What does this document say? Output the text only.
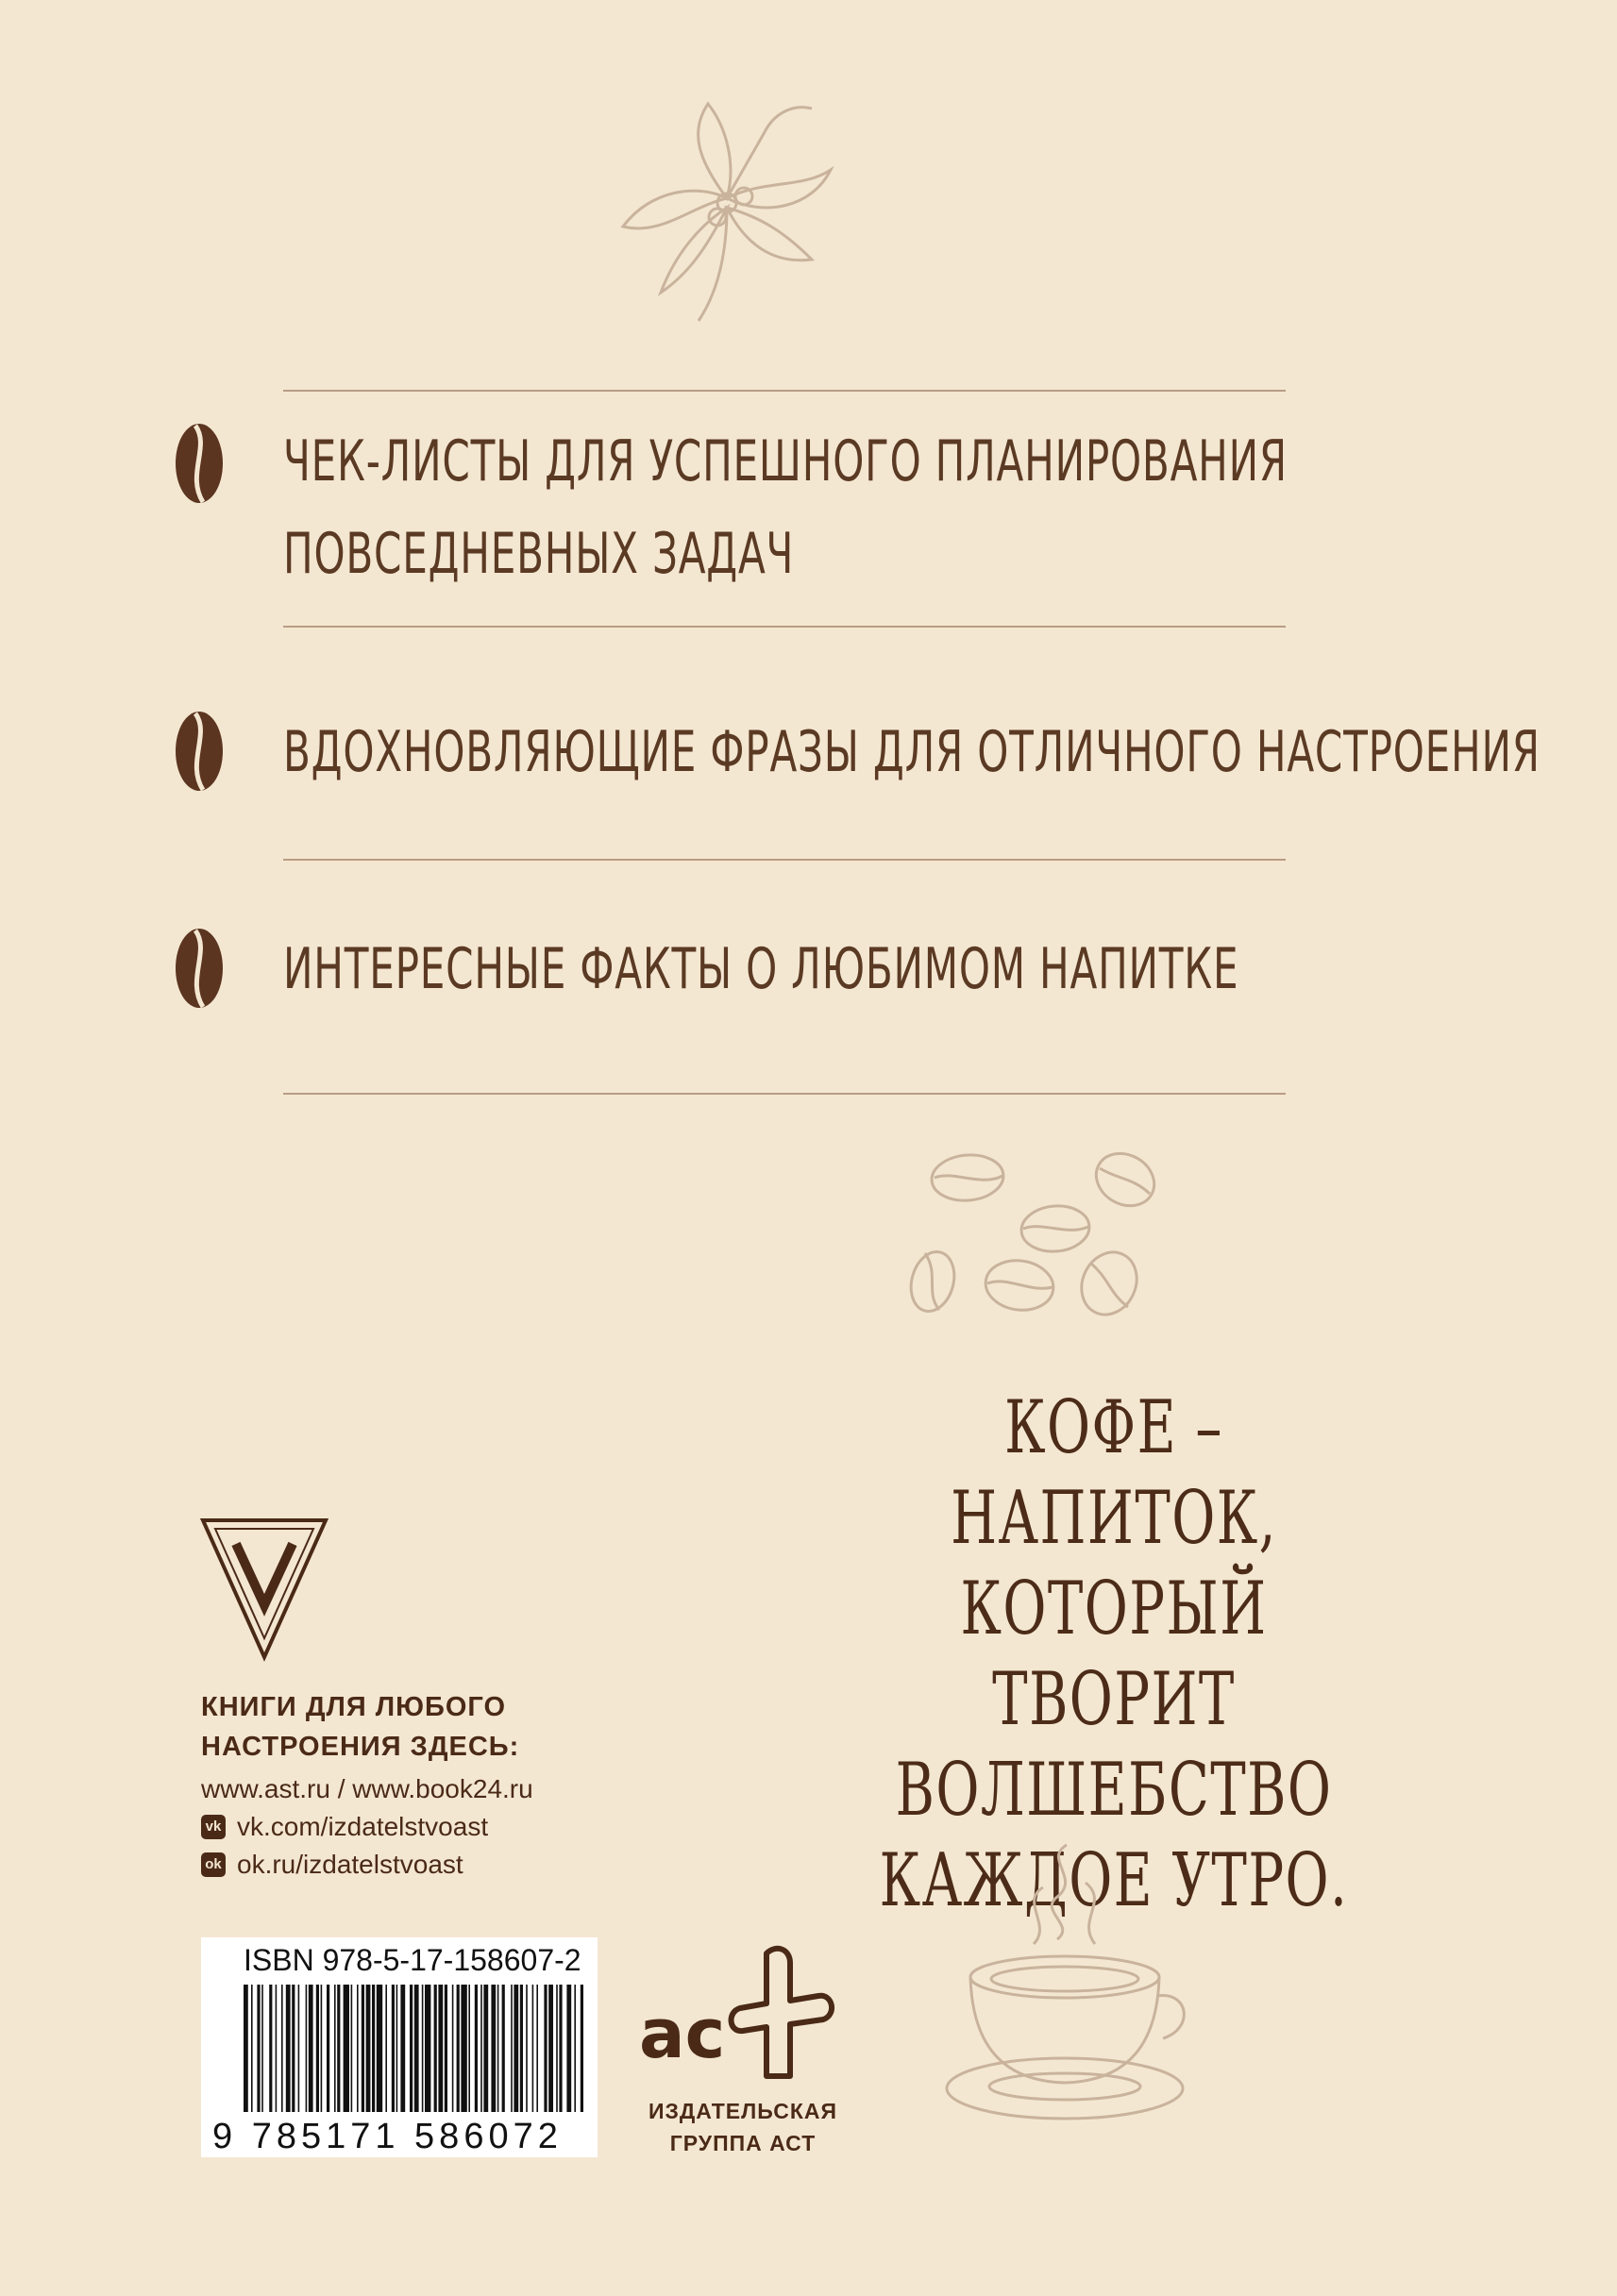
ЧЕК-ЛИСТЫ ДЛЯ УСПЕШНОГО ПЛАНИРОВАНИЯ
ПОВСЕДНЕВНЫХ ЗАДАЧ
ВДОХНОВЛЯЮЩИЕ ФРАЗЫ ДЛЯ ОТЛИЧНОГО НАСТРОЕНИЯ
ИНТЕРЕСНЫЕ ФАКТЫ О ЛЮБИМОМ НАПИТКЕ
КОФЕ – НАПИТОК,
КОТОРЫЙ ТВОРИТ
ВОЛШЕБСТВО
КАЖДОЕ УТРО.
КНИГИ ДЛЯ ЛЮБОГО
НАСТРОЕНИЯ ЗДЕСЬ:
www.ast.ru / www.book24.ru
vk vk.com/izdatelstvoast
ok ok.ru/izdatelstvoast
ISBN 978-5-17-158607-2
9 785171 586072
ac
ИЗДАТЕЛЬСКАЯ
ГРУППА АСТ
